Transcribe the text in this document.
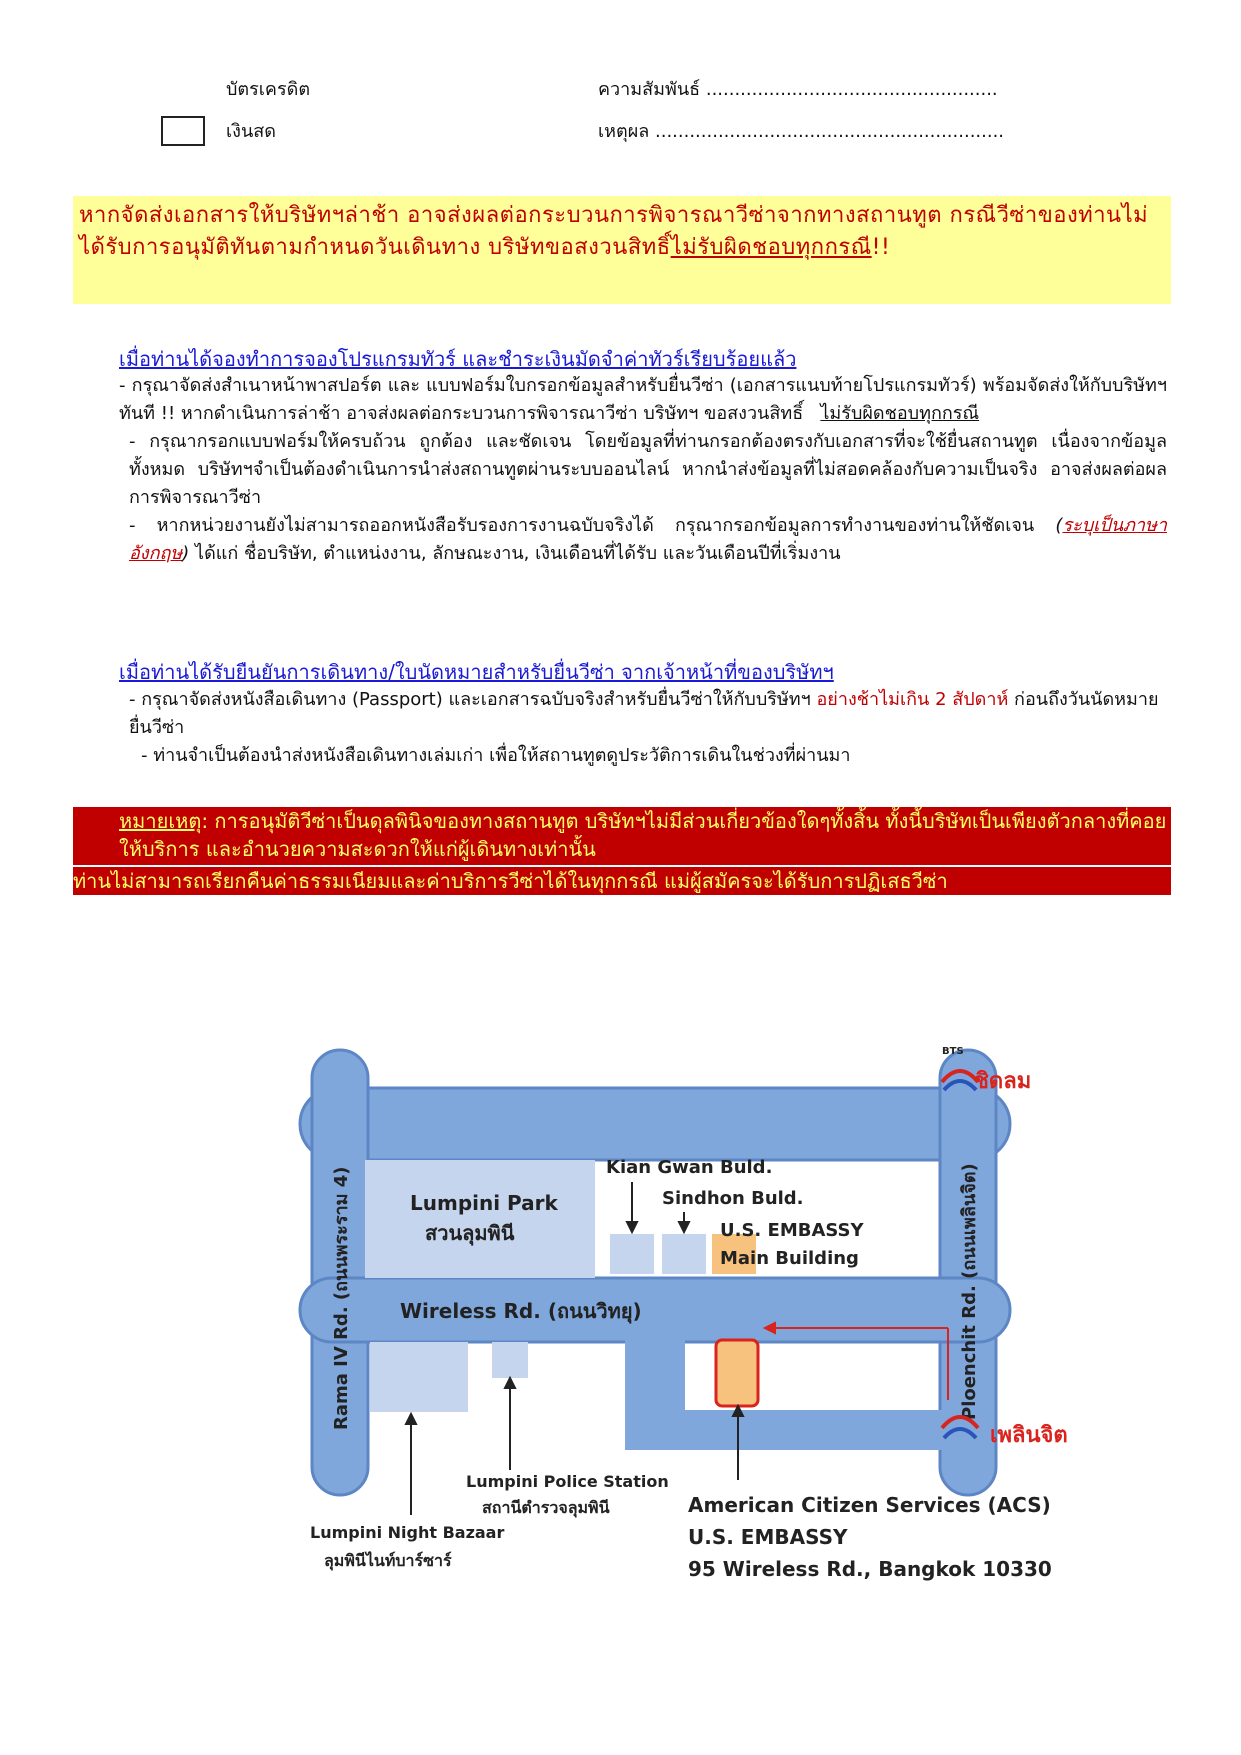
บัตรเครดิต
เงินสด
ความสัมพันธ์ ...................................................
เหตุผล .............................................................

หากจัดส่งเอกสารให้บริษัทฯล่าช้า อาจส่งผลต่อกระบวนการพิจารณาวีซ่าจากทางสถานทูต กรณีวีซ่าของท่านไม่ได้รับการอนุมัติทันตามกำหนดวันเดินทาง บริษัทขอสงวนสิทธิ์ไม่รับผิดชอบทุกกรณี!!

เมื่อท่านได้จองทำการจองโปรแกรมทัวร์ และชำระเงินมัดจำค่าทัวร์เรียบร้อยแล้ว
- กรุณาจัดส่งสำเนาหน้าพาสปอร์ต และ แบบฟอร์มใบกรอกข้อมูลสำหรับยื่นวีซ่า (เอกสารแนบท้ายโปรแกรมทัวร์) พร้อมจัดส่งให้กับบริษัทฯทันที !! หากดำเนินการล่าช้า อาจส่งผลต่อกระบวนการพิจารณาวีซ่า บริษัทฯ ขอสงวนสิทธิ์ ไม่รับผิดชอบทุกกรณี
- กรุณากรอกแบบฟอร์มให้ครบถ้วน ถูกต้อง และชัดเจน โดยข้อมูลที่ท่านกรอกต้องตรงกับเอกสารที่จะใช้ยื่นสถานทูต เนื่องจากข้อมูลทั้งหมด บริษัทฯจำเป็นต้องดำเนินการนำส่งสถานทูตผ่านระบบออนไลน์ หากนำส่งข้อมูลที่ไม่สอดคล้องกับความเป็นจริง อาจส่งผลต่อผลการพิจารณาวีซ่า
- หากหน่วยงานยังไม่สามารถออกหนังสือรับรองการงานฉบับจริงได้ กรุณากรอกข้อมูลการทำงานของท่านให้ชัดเจน (ระบุเป็นภาษาอังกฤษ) ได้แก่ ชื่อบริษัท, ตำแหน่งงาน, ลักษณะงาน, เงินเดือนที่ได้รับ และวันเดือนปีที่เริ่มงาน
เมื่อท่านได้รับยืนยันการเดินทาง/ใบนัดหมายสำหรับยื่นวีซ่า จากเจ้าหน้าที่ของบริษัทฯ
- กรุณาจัดส่งหนังสือเดินทาง (Passport) และเอกสารฉบับจริงสำหรับยื่นวีซ่าให้กับบริษัทฯ อย่างช้าไม่เกิน 2 สัปดาห์ ก่อนถึงวันนัดหมายยื่นวีซ่า
- ท่านจำเป็นต้องนำส่งหนังสือเดินทางเล่มเก่า เพื่อให้สถานทูตดูประวัติการเดินในช่วงที่ผ่านมา
หมายเหตุ: การอนุมัติวีซ่าเป็นดุลพินิจของทางสถานทูต บริษัทฯไม่มีส่วนเกี่ยวข้องใดๆทั้งสิ้น ทั้งนี้บริษัทเป็นเพียงตัวกลางที่คอยให้บริการ และอำนวยความสะดวกให้แก่ผู้เดินทางเท่านั้น
ท่านไม่สามารถเรียกคืนค่าธรรมเนียมและค่าบริการวีซ่าได้ในทุกกรณี แม่ผู้สมัครจะได้รับการปฏิเสธวีซ่า
Rama IV Rd. (ถนนพระราม 4)	Ploenchit Rd. (ถนนเพลินจิต)
Wireless Rd. (ถนนวิทยุ)
Lumpini Park
สวนลุมพินี
Kian Gwan Buld.
Sindhon Buld.
U.S. EMBASSY
Main Building
BTS
ชิดลม
เพลินจิต
Lumpini Police Station
สถานีตำรวจลุมพินี
Lumpini Night Bazaar
ลุมพินีไนท์บาร์ซาร์
American Citizen Services (ACS)
U.S. EMBASSY
95 Wireless Rd., Bangkok 10330
